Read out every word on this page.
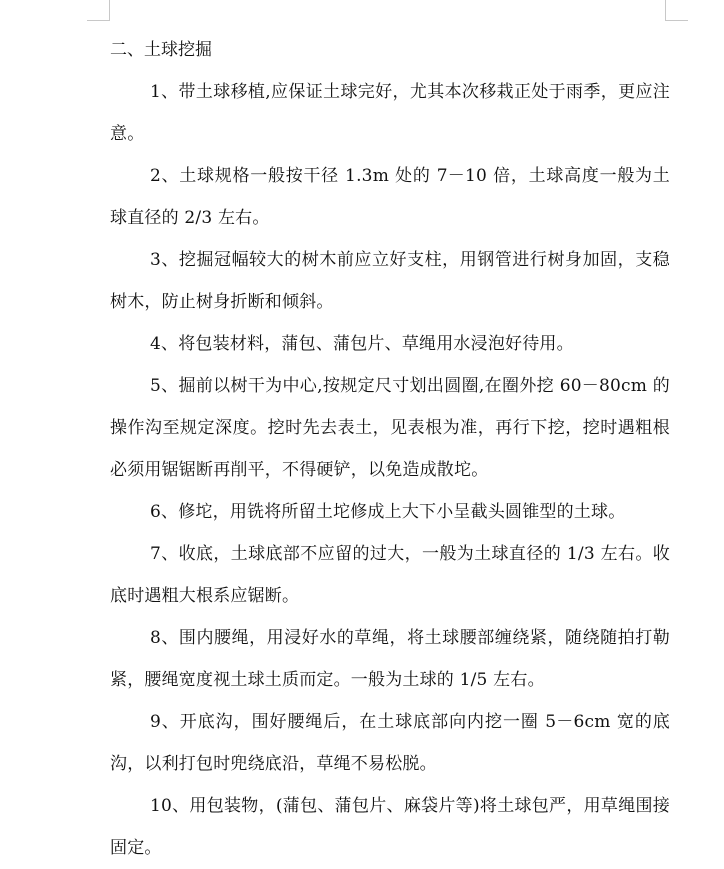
二、土球挖掘

1、带土球移植,应保证土球完好，尤其本次移栽正处于雨季，更应注意。

2、土球规格一般按干径 1.3m 处的 7－10 倍，土球高度一般为土球直径的 2/3 左右。

3、挖掘冠幅较大的树木前应立好支柱，用钢管进行树身加固，支稳树木，防止树身折断和倾斜。

4、将包装材料，蒲包、蒲包片、草绳用水浸泡好待用。

5、掘前以树干为中心,按规定尺寸划出圆圈,在圈外挖 60－80cm 的操作沟至规定深度。挖时先去表土，见表根为准，再行下挖，挖时遇粗根必须用锯锯断再削平，不得硬铲，以免造成散坨。

6、修坨，用铣将所留土坨修成上大下小呈截头圆锥型的土球。

7、收底，土球底部不应留的过大，一般为土球直径的 1/3 左右。收底时遇粗大根系应锯断。

8、围内腰绳，用浸好水的草绳，将土球腰部缠绕紧，随绕随拍打勒紧，腰绳宽度视土球土质而定。一般为土球的 1/5 左右。

9、开底沟，围好腰绳后，在土球底部向内挖一圈 5－6cm 宽的底沟，以利打包时兜绕底沿，草绳不易松脱。

10、用包装物，(蒲包、蒲包片、麻袋片等)将土球包严，用草绳围接固定。
